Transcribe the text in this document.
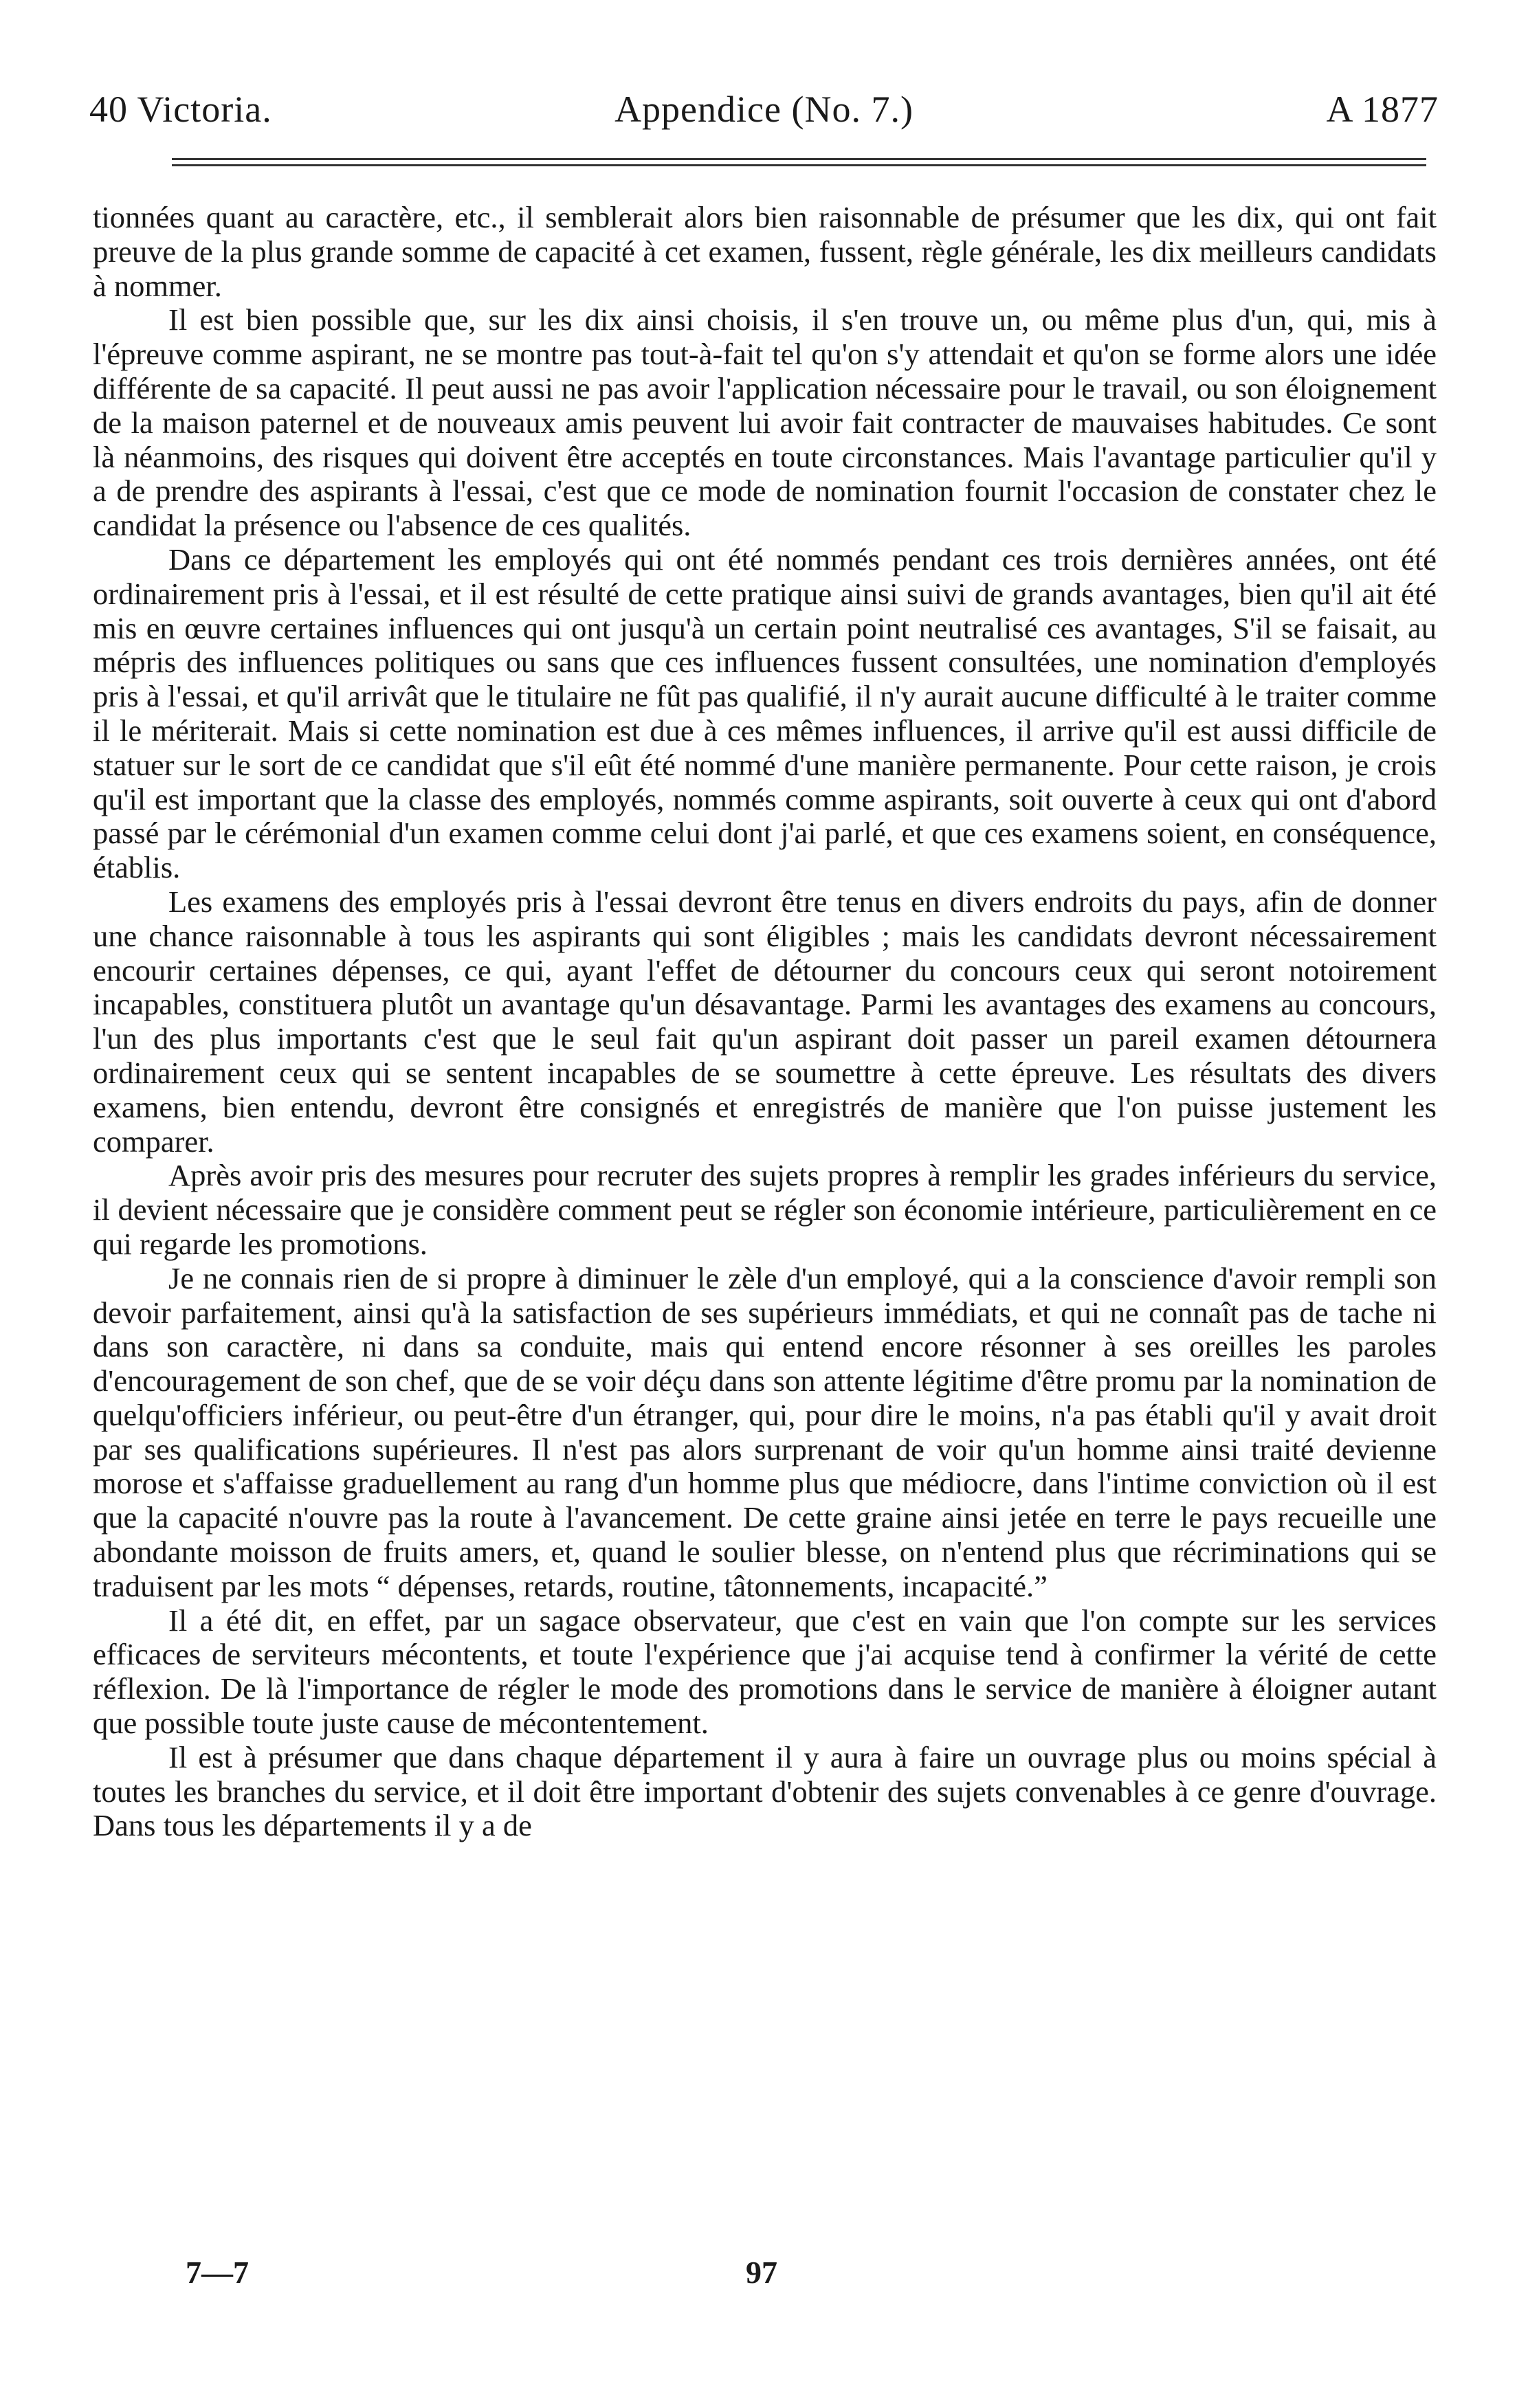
40 Victoria.	Appendice (No. 7.)	A 1877

tionnées quant au caractère, etc., il semblerait alors bien raisonnable de présumer que les dix, qui ont fait preuve de la plus grande somme de capacité à cet examen, fussent, règle générale, les dix meilleurs candidats à nommer.

Il est bien possible que, sur les dix ainsi choisis, il s'en trouve un, ou même plus d'un, qui, mis à l'épreuve comme aspirant, ne se montre pas tout-à-fait tel qu'on s'y attendait et qu'on se forme alors une idée différente de sa capacité. Il peut aussi ne pas avoir l'application nécessaire pour le travail, ou son éloignement de la maison paternel et de nouveaux amis peuvent lui avoir fait contracter de mauvaises habitudes. Ce sont là néanmoins, des risques qui doivent être acceptés en toute circonstances. Mais l'avantage particulier qu'il y a de prendre des aspirants à l'essai, c'est que ce mode de nomination fournit l'occasion de constater chez le candidat la présence ou l'absence de ces qualités.

Dans ce département les employés qui ont été nommés pendant ces trois dernières années, ont été ordinairement pris à l'essai, et il est résulté de cette pratique ainsi suivi de grands avantages, bien qu'il ait été mis en œuvre certaines influences qui ont jusqu'à un certain point neutralisé ces avantages, S'il se faisait, au mépris des influences politiques ou sans que ces influences fussent consultées, une nomination d'employés pris à l'essai, et qu'il arrivât que le titulaire ne fût pas qualifié, il n'y aurait aucune difficulté à le traiter comme il le mériterait. Mais si cette nomination est due à ces mêmes influences, il arrive qu'il est aussi difficile de statuer sur le sort de ce candidat que s'il eût été nommé d'une manière permanente. Pour cette raison, je crois qu'il est important que la classe des employés, nommés comme aspirants, soit ouverte à ceux qui ont d'abord passé par le cérémonial d'un examen comme celui dont j'ai parlé, et que ces examens soient, en conséquence, établis.

Les examens des employés pris à l'essai devront être tenus en divers endroits du pays, afin de donner une chance raisonnable à tous les aspirants qui sont éligibles ; mais les candidats devront nécessairement encourir certaines dépenses, ce qui, ayant l'effet de détourner du concours ceux qui seront notoirement incapables, constituera plutôt un avantage qu'un désavantage. Parmi les avantages des examens au concours, l'un des plus importants c'est que le seul fait qu'un aspirant doit passer un pareil examen détournera ordinairement ceux qui se sentent incapables de se soumettre à cette épreuve. Les résultats des divers examens, bien entendu, devront être consignés et enregistrés de manière que l'on puisse justement les comparer.

Après avoir pris des mesures pour recruter des sujets propres à remplir les grades inférieurs du service, il devient nécessaire que je considère comment peut se régler son économie intérieure, particulièrement en ce qui regarde les promotions.

Je ne connais rien de si propre à diminuer le zèle d'un employé, qui a la conscience d'avoir rempli son devoir parfaitement, ainsi qu'à la satisfaction de ses supérieurs immédiats, et qui ne connaît pas de tache ni dans son caractère, ni dans sa conduite, mais qui entend encore résonner à ses oreilles les paroles d'encouragement de son chef, que de se voir déçu dans son attente légitime d'être promu par la nomination de quelqu'officiers inférieur, ou peut-être d'un étranger, qui, pour dire le moins, n'a pas établi qu'il y avait droit par ses qualifications supérieures. Il n'est pas alors surprenant de voir qu'un homme ainsi traité devienne morose et s'affaisse graduellement au rang d'un homme plus que médiocre, dans l'intime conviction où il est que la capacité n'ouvre pas la route à l'avancement. De cette graine ainsi jetée en terre le pays recueille une abondante moisson de fruits amers, et, quand le soulier blesse, on n'entend plus que récriminations qui se traduisent par les mots “ dépenses, retards, routine, tâtonnements, incapacité.”

Il a été dit, en effet, par un sagace observateur, que c'est en vain que l'on compte sur les services efficaces de serviteurs mécontents, et toute l'expérience que j'ai acquise tend à confirmer la vérité de cette réflexion. De là l'importance de régler le mode des promotions dans le service de manière à éloigner autant que possible toute juste cause de mécontentement.

Il est à présumer que dans chaque département il y aura à faire un ouvrage plus ou moins spécial à toutes les branches du service, et il doit être important d'obtenir des sujets convenables à ce genre d'ouvrage. Dans tous les départements il y a de

7—7	97
